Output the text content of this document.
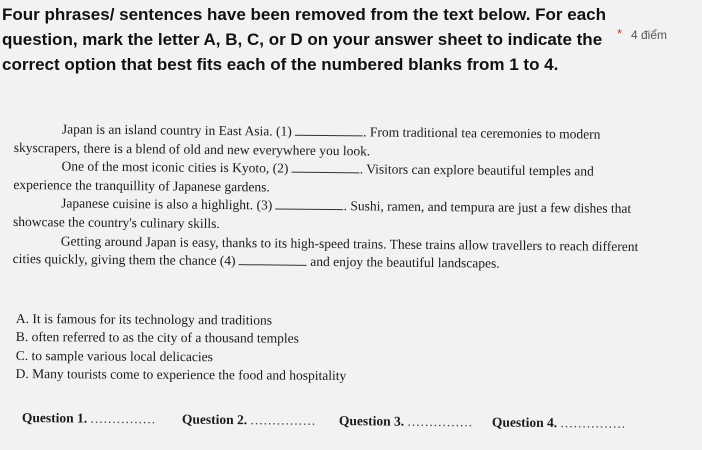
Four phrases/ sentences have been removed from the text below. For each question, mark the letter A, B, C, or D on your answer sheet to indicate the correct option that best fits each of the numbered blanks from 1 to 4.
* 4 điểm

Japan is an island country in East Asia. (1)	. From traditional tea ceremonies to modern skyscrapers, there is a blend of old and new everywhere you look.

One of the most iconic cities is Kyoto, (2)	. Visitors can explore beautiful temples and experience the tranquillity of Japanese gardens.

Japanese cuisine is also a highlight. (3)	. Sushi, ramen, and tempura are just a few dishes that showcase the country's culinary skills.

Getting around Japan is easy, thanks to its high-speed trains. These trains allow travellers to reach different cities quickly, giving them the chance (4)	and enjoy the beautiful landscapes.

A. It is famous for its technology and traditions
B. often referred to as the city of a thousand temples
C. to sample various local delicacies
D. Many tourists come to experience the food and hospitality
Question 1. ............... Question 2. ............... Question 3. ............... Question 4. ...............
